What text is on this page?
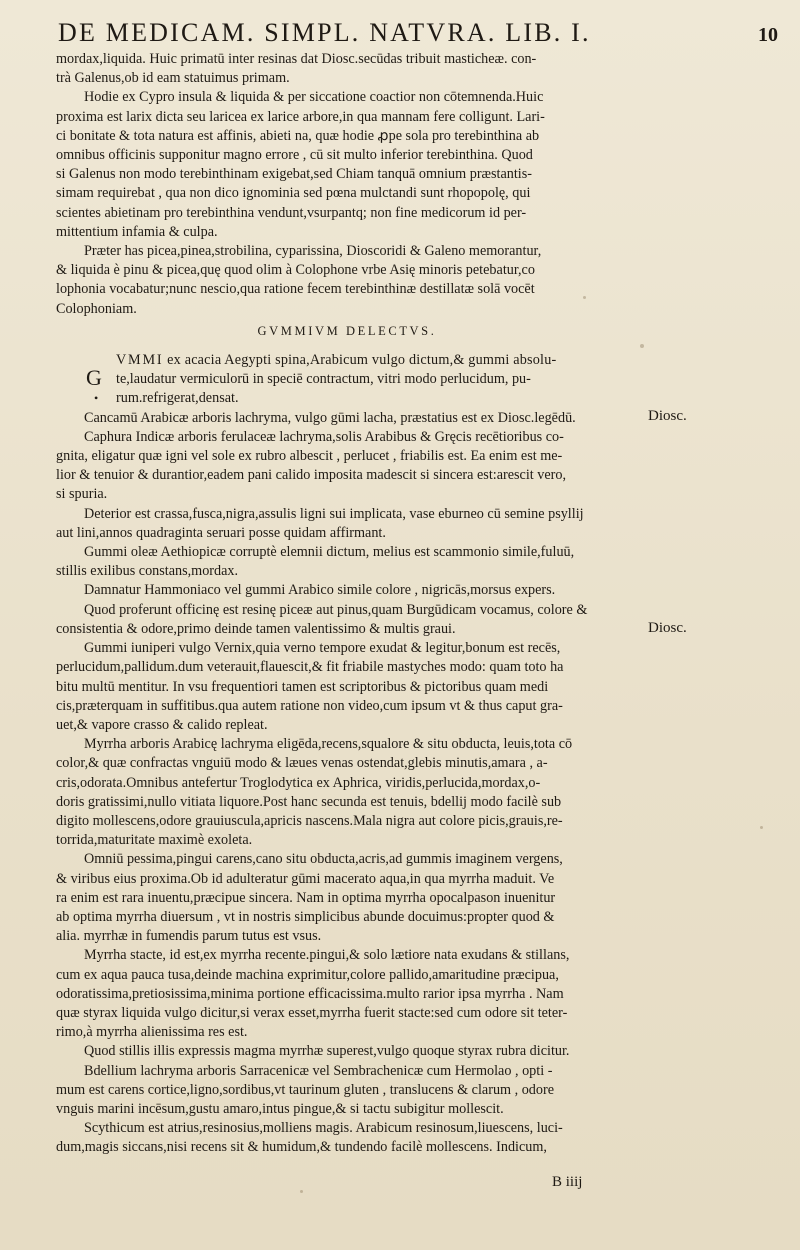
DE MEDICAM. SIMPL. NATVRA. LIB. I.	10

mordax,liquida. Huic primatū inter resinas dat Diosc.secūdas tribuit masticheæ. con-

trà Galenus,ob id eam statuimus primam.

Hodie ex Cypro insula & liquida & per siccatione coactior non cōtemnenda.Huic

proxima est larix dicta seu laricea ex larice arbore,in qua mannam fere colligunt. Lari-

ci bonitate & tota natura est affinis, abieti na, quæ hodie ꝓpe sola pro terebinthina ab

omnibus officinis supponitur magno errore , cū sit multo inferior terebinthina. Quod

si Galenus non modo terebinthinam exigebat,sed Chiam tanquā omnium præstantis-

simam requirebat , qua non dico ignominia sed pœna mulctandi sunt rhopopolę, qui

scientes abietinam pro terebinthina vendunt,vsurpantq; non fine medicorum id per-

mittentium infamia & culpa.

Præter has picea,pinea,strobilina, cyparissina, Dioscoridi & Galeno memorantur,

& liquida è pinu & picea,quę quod olim à Colophone vrbe Asię minoris petebatur,co

lophonia vocabatur;nunc nescio,qua ratione fecem terebinthinæ destillatæ solā vocēt

Colophoniam.

GVMMIVM DELECTVS.
G
•

VMMI ex acacia Aegypti spina,Arabicum vulgo dictum,& gummi absolu-

te,laudatur vermiculorū in speciē contractum, vitri modo perlucidum, pu-

rum.refrigerat,densat.

Cancamū Arabicæ arboris lachryma, vulgo gūmi lacha, præstatius est ex Diosc.legēdū.

Caphura Indicæ arboris ferulaceæ lachryma,solis Arabibus & Gręcis recētioribus co-

gnita, eligatur quæ igni vel sole ex rubro albescit , perlucet , friabilis est. Ea enim est me-

lior & tenuior & durantior,eadem pani calido imposita madescit si sincera est:arescit vero,

si spuria.

Deterior est crassa,fusca,nigra,assulis ligni sui implicata, vase eburneo cū semine psyllij

aut lini,annos quadraginta seruari posse quidam affirmant.

Gummi oleæ Aethiopicæ corruptè elemnii dictum, melius est scammonio simile,fuluū,

stillis exilibus constans,mordax.

Damnatur Hammoniaco vel gummi Arabico simile colore , nigricās,morsus expers.

Quod proferunt officinę est resinę piceæ aut pinus,quam Burgūdicam vocamus, colore &

consistentia & odore,primo deinde tamen valentissimo & multis graui.

Gummi iuniperi vulgo Vernix,quia verno tempore exudat & legitur,bonum est recēs,

perlucidum,pallidum.dum veterauit,flauescit,& fit friabile mastyches modo: quam toto ha

bitu multū mentitur. In vsu frequentiori tamen est scriptoribus & pictoribus quam medi

cis,præterquam in suffitibus.qua autem ratione non video,cum ipsum vt & thus caput gra-

uet,& vapore crasso & calido repleat.

Myrrha arboris Arabicę lachryma eligēda,recens,squalore & situ obducta, leuis,tota cō

color,& quæ confractas vnguiū modo & læues venas ostendat,glebis minutis,amara , a-

cris,odorata.Omnibus antefertur Troglodytica ex Aphrica, viridis,perlucida,mordax,o-

doris gratissimi,nullo vitiata liquore.Post hanc secunda est tenuis, bdellij modo facilè sub

digito mollescens,odore grauiuscula,apricis nascens.Mala nigra aut colore picis,grauis,re-

torrida,maturitate maximè exoleta.

Omniū pessima,pingui carens,cano situ obducta,acris,ad gummis imaginem vergens,

& viribus eius proxima.Ob id adulteratur gūmi macerato aqua,in qua myrrha maduit. Ve

ra enim est rara inuentu,præcipue sincera. Nam in optima myrrha opocalpason inuenitur

ab optima myrrha diuersum , vt in nostris simplicibus abunde docuimus:propter quod &

alia. myrrhæ in fumendis parum tutus est vsus.

Myrrha stacte, id est,ex myrrha recente.pingui,& solo lætiore nata exudans & stillans,

cum ex aqua pauca tusa,deinde machina exprimitur,colore pallido,amaritudine præcipua,

odoratissima,pretiosissima,minima portione efficacissima.multo rarior ipsa myrrha . Nam

quæ styrax liquida vulgo dicitur,si verax esset,myrrha fuerit stacte:sed cum odore sit teter-

rimo,à myrrha alienissima res est.

Quod stillis illis expressis magma myrrhæ superest,vulgo quoque styrax rubra dicitur.

Bdellium lachryma arboris Sarracenicæ vel Sembrachenicæ cum Hermolao , opti -

mum est carens cortice,ligno,sordibus,vt taurinum gluten , translucens & clarum , odore

vnguis marini incēsum,gustu amaro,intus pingue,& si tactu subigitur mollescit.

Scythicum est atrius,resinosius,molliens magis. Arabicum resinosum,liuescens, luci-

dum,magis siccans,nisi recens sit & humidum,& tundendo facilè mollescens. Indicum,

Diosc.
Diosc.
B iiij
